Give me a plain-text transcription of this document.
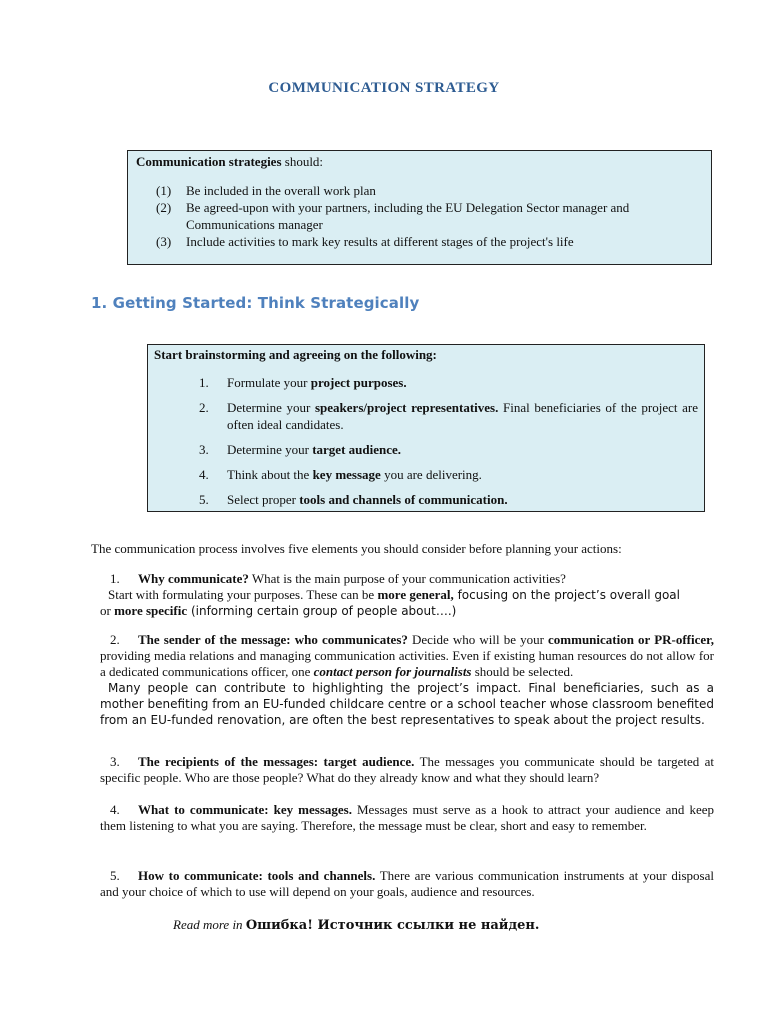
COMMUNICATION STRATEGY

Communication strategies should:

(1)	Be included in the overall work plan
(2)	Be agreed-upon with your partners, including the EU Delegation Sector manager and Communications manager
(3)	Include activities to mark key results at different stages of the project's life
1. Getting Started: Think Strategically

Start brainstorming and agreeing on the following:

1.	Formulate your project purposes.
2.	Determine your speakers/project representatives. Final beneficiaries of the project are often ideal candidates.
3.	Determine your target audience.
4.	Think about the key message you are delivering.
5.	Select proper tools and channels of communication.
The communication process involves five elements you should consider before planning your actions:
1. Why communicate? What is the main purpose of your communication activities?
Start with formulating your purposes. These can be more general, focusing on the project’s overall goal
or more specific (informing certain group of people about….)
2. The sender of the message: who communicates? Decide who will be your communication or PR-officer, providing media relations and managing communication activities. Even if existing human resources do not allow for a dedicated communications officer, one contact person for journalists should be selected.
Many people can contribute to highlighting the project’s impact. Final beneficiaries, such as a mother benefiting from an EU-funded childcare centre or a school teacher whose classroom benefited from an EU-funded renovation, are often the best representatives to speak about the project results.
3. The recipients of the messages: target audience. The messages you communicate should be targeted at specific people. Who are those people? What do they already know and what they should learn?
4. What to communicate: key messages. Messages must serve as a hook to attract your audience and keep them listening to what you are saying. Therefore, the message must be clear, short and easy to remember.
5. How to communicate: tools and channels. There are various communication instruments at your disposal and your choice of which to use will depend on your goals, audience and resources.
Read more in Ошибка! Источник ссылки не найден.
